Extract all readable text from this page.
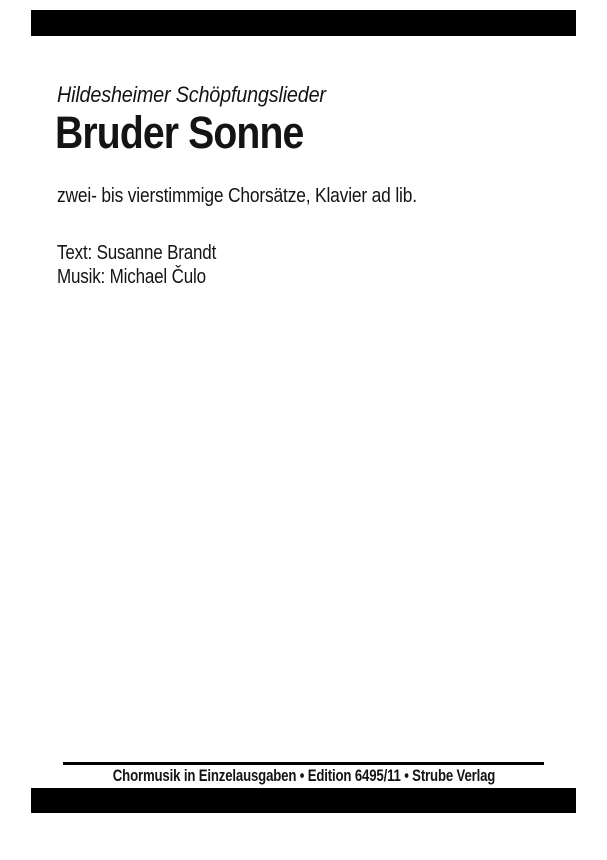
Hildesheimer Schöpfungslieder
Bruder Sonne
zwei- bis vierstimmige Chorsätze, Klavier ad lib.
Text: Susanne Brandt
Musik: Michael Čulo
Chormusik in Einzelausgaben • Edition 6495/11 • Strube Verlag
